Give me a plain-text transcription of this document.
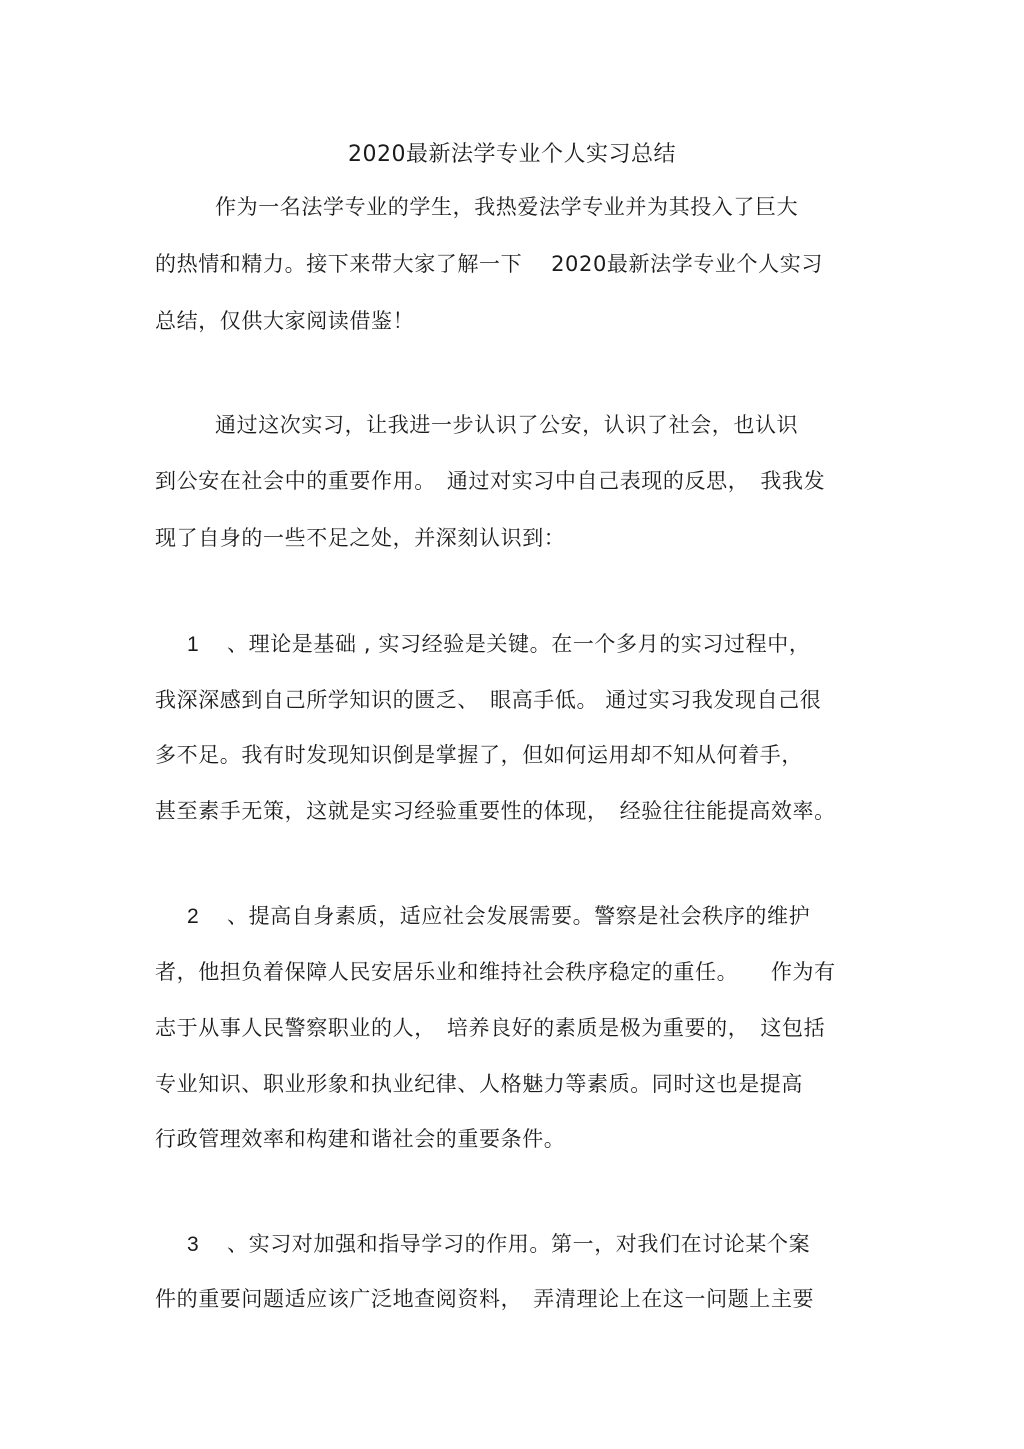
2020最新法学专业个人实习总结
作为一名法学专业的学生，我热爱法学专业并为其投入了巨大
的热情和精力。接下来带大家了解一下　 2020最新法学专业个人实习
总结，仅供大家阅读借鉴！
通过这次实习，让我进一步认识了公安，认识了社会，也认识
到公安在社会中的重要作用。　通过对实习中自己表现的反思，　我我发
现了自身的一些不足之处，并深刻认识到：
1 、理论是基础 , 实习经验是关键。在一个多月的实习过程中，
我深深感到自己所学知识的匮乏、　眼高手低。 通过实习我发现自己很
多不足。我有时发现知识倒是掌握了，但如何运用却不知从何着手，
甚至素手无策，这就是实习经验重要性的体现，　经验往往能提高效率。
2 、提高自身素质，适应社会发展需要。警察是社会秩序的维护
者，他担负着保障人民安居乐业和维持社会秩序稳定的重任。　　作为有
志于从事人民警察职业的人，　培养良好的素质是极为重要的，　这包括
专业知识、职业形象和执业纪律、人格魅力等素质。同时这也是提高
行政管理效率和构建和谐社会的重要条件。
3 、实习对加强和指导学习的作用。第一，对我们在讨论某个案
件的重要问题适应该广泛地查阅资料，　弄清理论上在这一问题上主要
